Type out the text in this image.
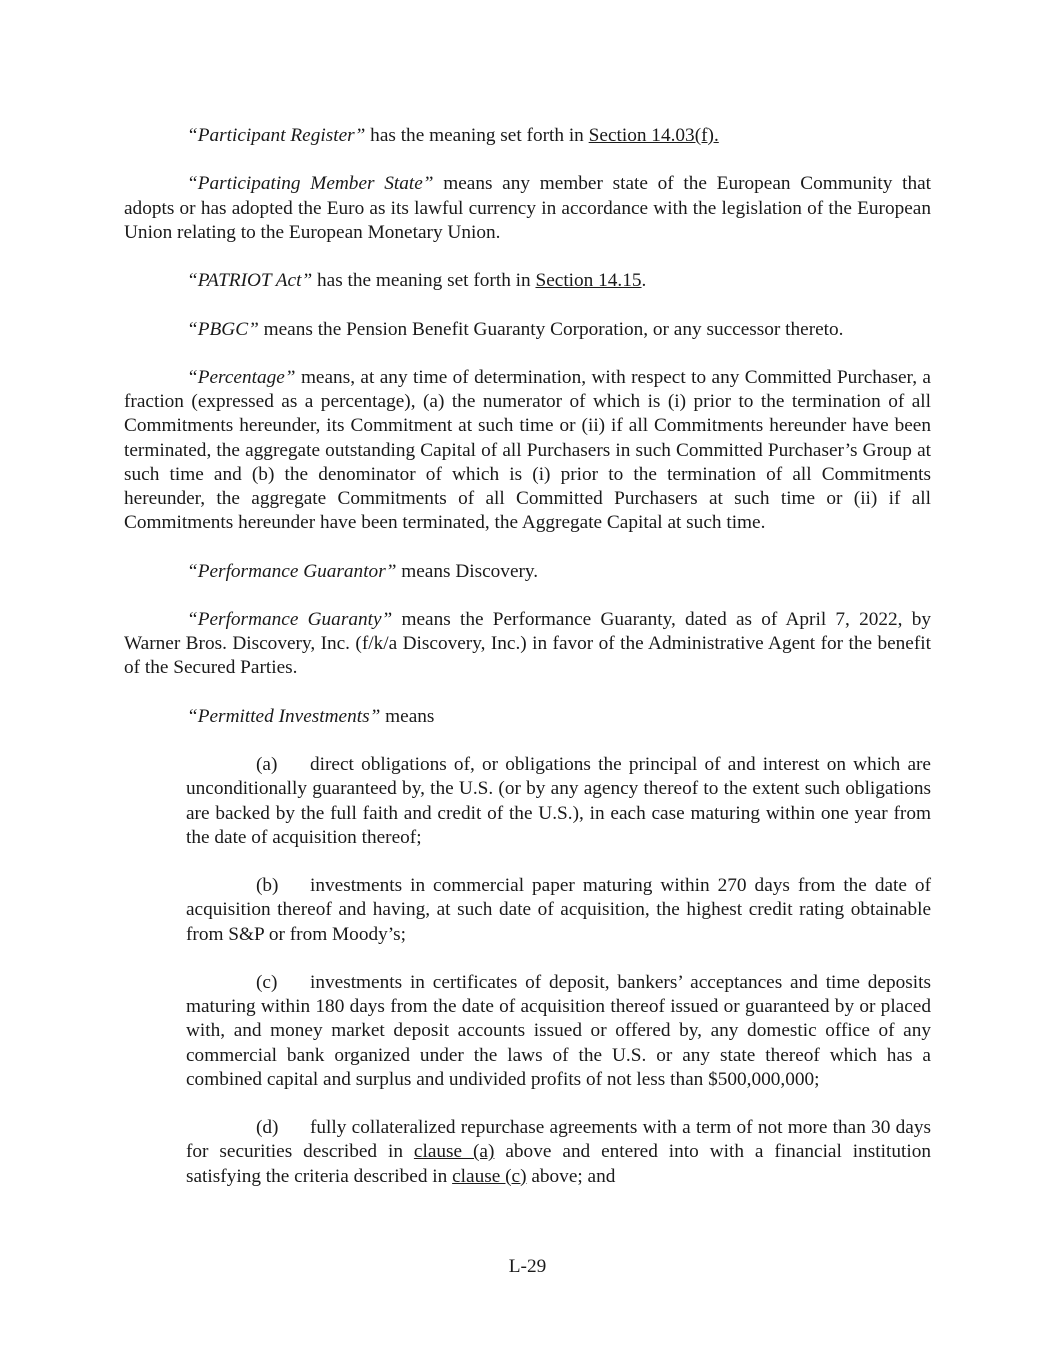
“Participant Register” has the meaning set forth in Section 14.03(f).

“Participating Member State” means any member state of the European Community that adopts or has adopted the Euro as its lawful currency in accordance with the legislation of the European Union relating to the European Monetary Union.

“PATRIOT Act” has the meaning set forth in Section 14.15.

“PBGC” means the Pension Benefit Guaranty Corporation, or any successor thereto.

“Percentage” means, at any time of determination, with respect to any Committed Purchaser, a fraction (expressed as a percentage), (a) the numerator of which is (i) prior to the termination of all Commitments hereunder, its Commitment at such time or (ii) if all Commitments hereunder have been terminated, the aggregate outstanding Capital of all Purchasers in such Committed Purchaser’s Group at such time and (b) the denominator of which is (i) prior to the termination of all Commitments hereunder, the aggregate Commitments of all Committed Purchasers at such time or (ii) if all Commitments hereunder have been terminated, the Aggregate Capital at such time.

“Performance Guarantor” means Discovery.

“Performance Guaranty” means the Performance Guaranty, dated as of April 7, 2022, by Warner Bros. Discovery, Inc. (f/k/a Discovery, Inc.) in favor of the Administrative Agent for the benefit of the Secured Parties.

“Permitted Investments” means

(a) direct obligations of, or obligations the principal of and interest on which are unconditionally guaranteed by, the U.S. (or by any agency thereof to the extent such obligations are backed by the full faith and credit of the U.S.), in each case maturing within one year from the date of acquisition thereof;

(b) investments in commercial paper maturing within 270 days from the date of acquisition thereof and having, at such date of acquisition, the highest credit rating obtainable from S&P or from Moody’s;

(c) investments in certificates of deposit, bankers’ acceptances and time deposits maturing within 180 days from the date of acquisition thereof issued or guaranteed by or placed with, and money market deposit accounts issued or offered by, any domestic office of any commercial bank organized under the laws of the U.S. or any state thereof which has a combined capital and surplus and undivided profits of not less than $500,000,000;

(d) fully collateralized repurchase agreements with a term of not more than 30 days for securities described in clause (a) above and entered into with a financial institution satisfying the criteria described in clause (c) above; and

L-29
